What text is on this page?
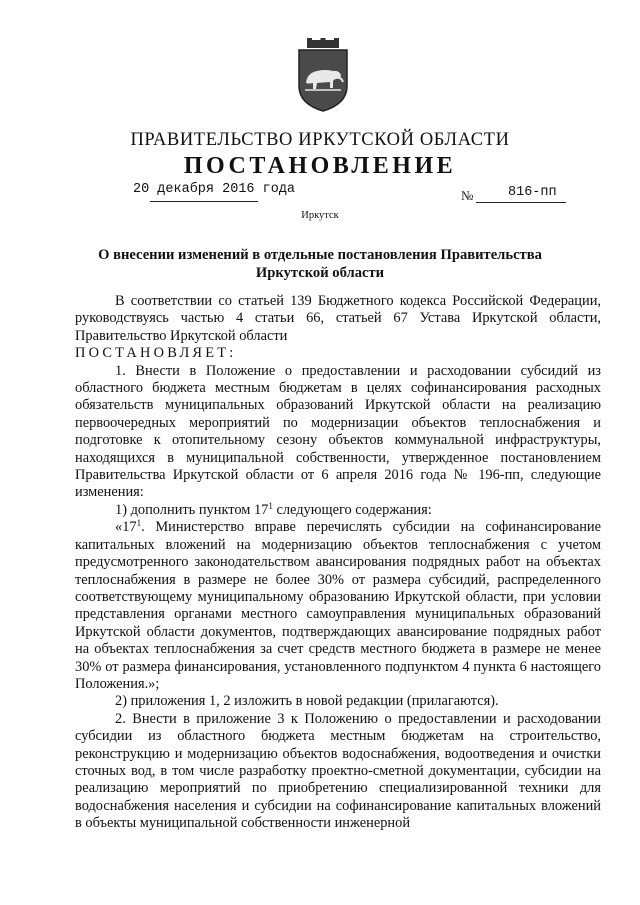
ПРАВИТЕЛЬСТВО ИРКУТСКОЙ ОБЛАСТИ
ПОСТАНОВЛЕНИЕ
20 декабря 2016 года	№	816-пп
Иркутск
О внесении изменений в отдельные постановления Правительства
Иркутской области

В соответствии со статьей 139 Бюджетного кодекса Российской Федерации, руководствуясь частью 4 статьи 66, статьей 67 Устава Иркутской области, Правительство Иркутской области

ПОСТАНОВЛЯЕТ:

1. Внести в Положение о предоставлении и расходовании субсидий из областного бюджета местным бюджетам в целях софинансирования расходных обязательств муниципальных образований Иркутской области на реализацию первоочередных мероприятий по модернизации объектов теплоснабжения и подготовке к отопительному сезону объектов коммунальной инфраструктуры, находящихся в муниципальной собственности, утвержденное постановлением Правительства Иркутской области от 6 апреля 2016 года № 196-пп, следующие изменения:

1) дополнить пунктом $17^1$ следующего содержания:

«$17^1$. Министерство вправе перечислять субсидии на софинансирование капитальных вложений на модернизацию объектов теплоснабжения с учетом предусмотренного законодательством авансирования подрядных работ на объектах теплоснабжения в размере не более 30% от размера субсидий, распределенного соответствующему муниципальному образованию Иркутской области, при условии представления органами местного самоуправления муниципальных образований Иркутской области документов, подтверждающих авансирование подрядных работ на объектах теплоснабжения за счет средств местного бюджета в размере не менее 30% от размера финансирования, установленного подпунктом 4 пункта 6 настоящего Положения.»;

2) приложения 1, 2 изложить в новой редакции (прилагаются).

2. Внести в приложение 3 к Положению о предоставлении и расходовании субсидии из областного бюджета местным бюджетам на строительство, реконструкцию и модернизацию объектов водоснабжения, водоотведения и очистки сточных вод, в том числе разработку проектно-сметной документации, субсидии на реализацию мероприятий по приобретению специализированной техники для водоснабжения населения и субсидии на софинансирование капитальных вложений в объекты муниципальной собственности инженерной
